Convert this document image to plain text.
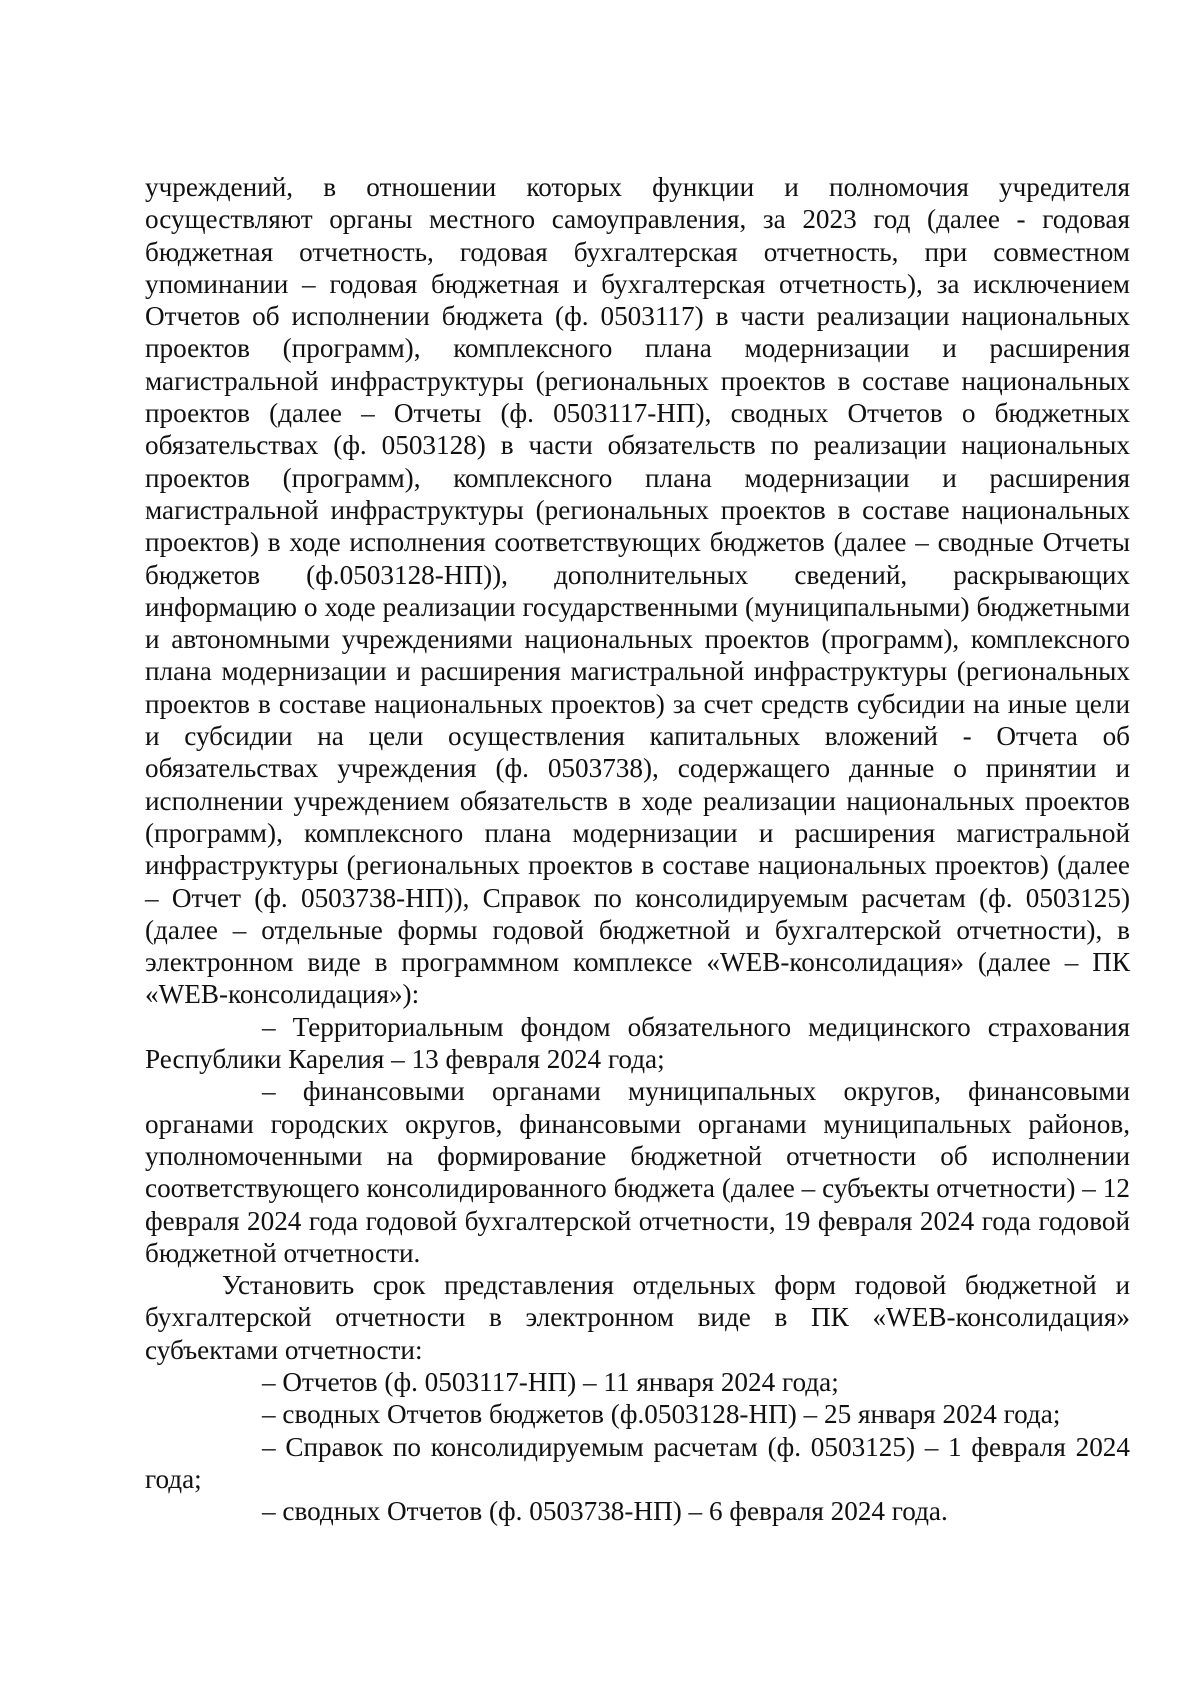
учреждений, в отношении которых функции и полномочия учредителя осуществляют органы местного самоуправления, за 2023 год (далее - годовая бюджетная отчетность, годовая бухгалтерская отчетность, при совместном упоминании – годовая бюджетная и бухгалтерская отчетность), за исключением Отчетов об исполнении бюджета (ф. 0503117) в части реализации национальных проектов (программ), комплексного плана модернизации и расширения магистральной инфраструктуры (региональных проектов в составе национальных проектов (далее – Отчеты (ф. 0503117-НП), сводных Отчетов о бюджетных обязательствах (ф. 0503128) в части обязательств по реализации национальных проектов (программ), комплексного плана модернизации и расширения магистральной инфраструктуры (региональных проектов в составе национальных проектов) в ходе исполнения соответствующих бюджетов (далее – сводные Отчеты бюджетов (ф.0503128-НП)), дополнительных сведений, раскрывающих информацию о ходе реализации государственными (муниципальными) бюджетными и автономными учреждениями национальных проектов (программ), комплексного плана модернизации и расширения магистральной инфраструктуры (региональных проектов в составе национальных проектов) за счет средств субсидии на иные цели и субсидии на цели осуществления капитальных вложений - Отчета об обязательствах учреждения (ф. 0503738), содержащего данные о принятии и исполнении учреждением обязательств в ходе реализации национальных проектов (программ), комплексного плана модернизации и расширения магистральной инфраструктуры (региональных проектов в составе национальных проектов) (далее – Отчет (ф. 0503738-НП)), Справок по консолидируемым расчетам (ф. 0503125) (далее – отдельные формы годовой бюджетной и бухгалтерской отчетности), в электронном виде в программном комплексе «WEB-консолидация» (далее – ПК «WEB-консолидация»):

– Территориальным фондом обязательного медицинского страхования Республики Карелия – 13 февраля 2024 года;

– финансовыми органами муниципальных округов, финансовыми органами городских округов, финансовыми органами муниципальных районов, уполномоченными на формирование бюджетной отчетности об исполнении соответствующего консолидированного бюджета (далее – субъекты отчетности) – 12 февраля 2024 года годовой бухгалтерской отчетности, 19 февраля 2024 года годовой бюджетной отчетности.

Установить срок представления отдельных форм годовой бюджетной и бухгалтерской отчетности в электронном виде в ПК «WEB-консолидация» субъектами отчетности:

– Отчетов (ф. 0503117-НП) – 11 января 2024 года;

– сводных Отчетов бюджетов (ф.0503128-НП) – 25 января 2024 года;

– Справок по консолидируемым расчетам (ф. 0503125) – 1 февраля 2024 года;

– сводных Отчетов (ф. 0503738-НП) – 6 февраля 2024 года.
